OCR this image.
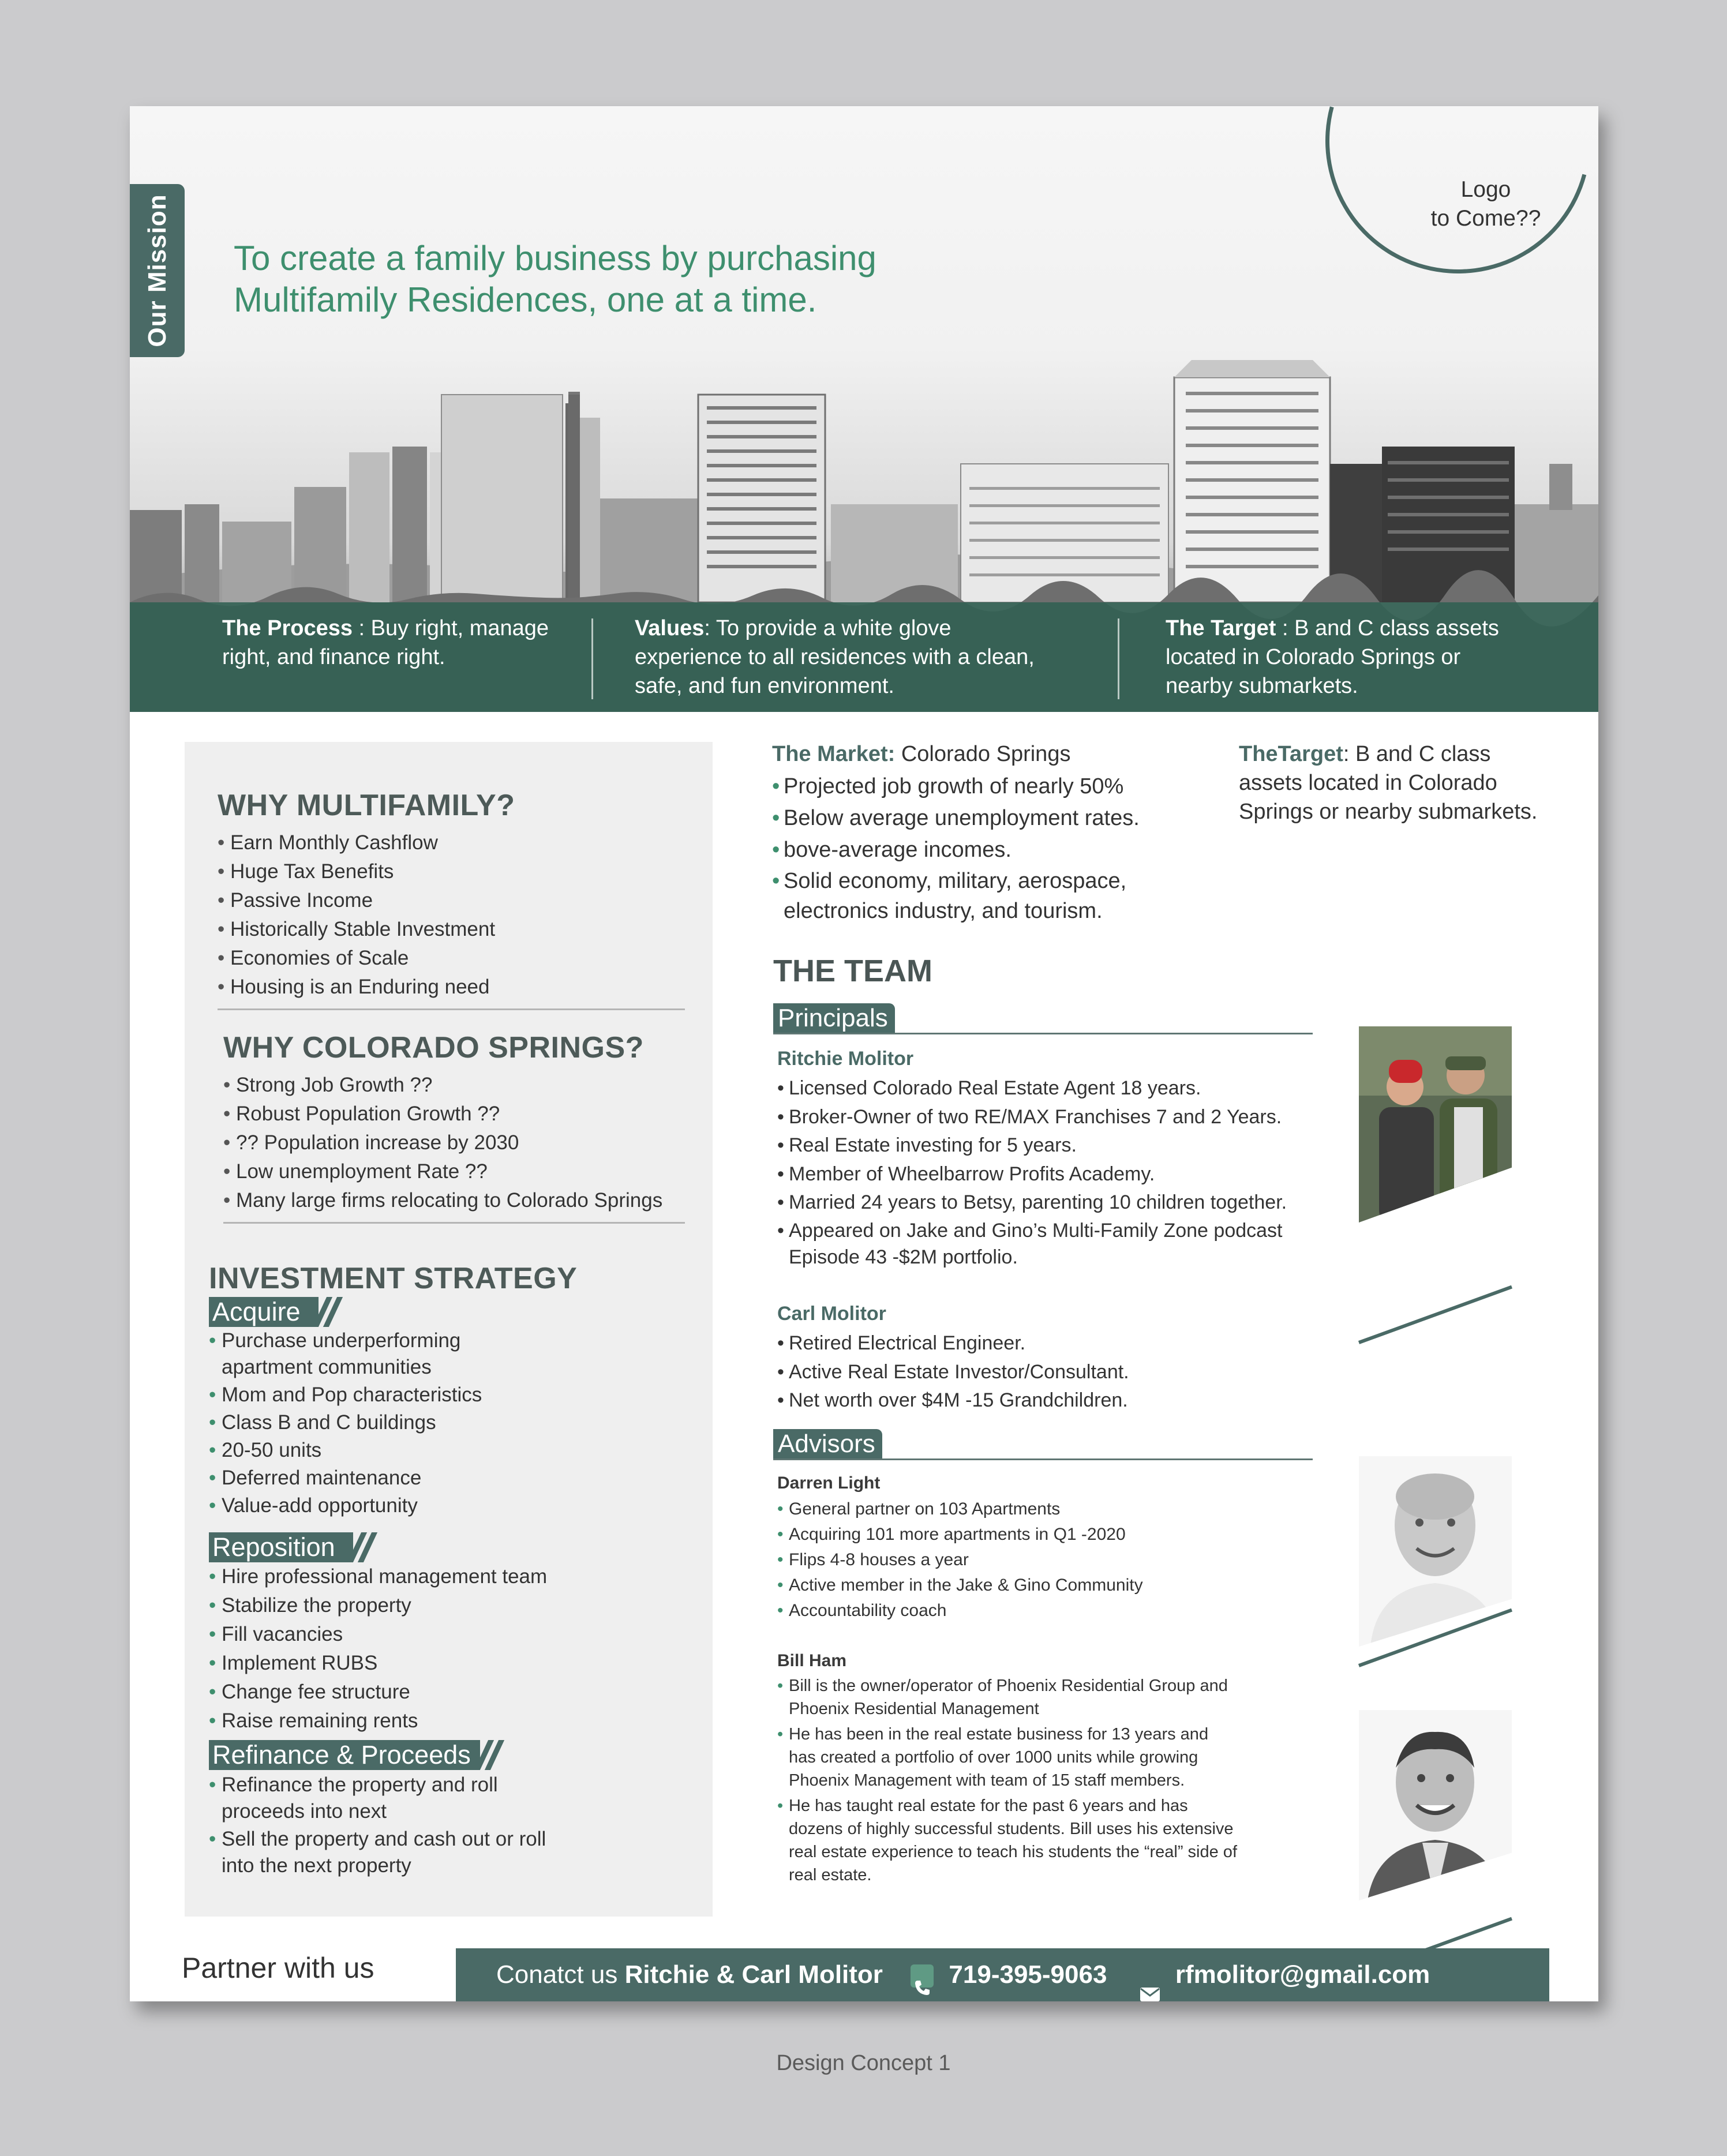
Our Mission To create a family business by purchasing
Multifamily Residences, one at a time.
Logo
to Come??
The Process : Buy right, manage
right, and finance right.
Values: To provide a white glove
experience to all residences with a clean,
safe, and fun environment.
The Target : B and C class assets
located in Colorado Springs or
nearby submarkets.
WHY MULTIFAMILY?
• Earn Monthly Cashflow
• Huge Tax Benefits
• Passive Income
• Historically Stable Investment
• Economies of Scale
• Housing is an Enduring need
WHY COLORADO SPRINGS?
• Strong Job Growth ??
• Robust Population Growth ??
• ?? Population increase by 2030
• Low unemployment Rate ??
• Many large firms relocating to Colorado Springs
INVESTMENT STRATEGY
Acquire
• Purchase underperforming apartment communities
• Mom and Pop characteristics
• Class B and C buildings
• 20-50 units
• Deferred maintenance
• Value-add opportunity
Reposition
• Hire professional management team
• Stabilize the property
• Fill vacancies
• Implement RUBS
• Change fee structure
• Raise remaining rents
Refinance & Proceeds
• Refinance the property and roll proceeds into next
• Sell the property and cash out or roll into the next property
The Market: Colorado Springs
• Projected job growth of nearly 50%
• Below average unemployment rates.
• bove-average incomes.
• Solid economy, military, aerospace, electronics industry, and tourism.
TheTarget: B and C class
assets located in Colorado
Springs or nearby submarkets.
THE TEAM
Principals
Ritchie Molitor
• Licensed Colorado Real Estate Agent 18 years.
• Broker-Owner of two RE/MAX Franchises 7 and 2 Years.
• Real Estate investing for 5 years.
• Member of Wheelbarrow Profits Academy.
• Married 24 years to Betsy, parenting 10 children together.
• Appeared on Jake and Gino’s Multi-Family Zone podcast Episode 43 -$2M portfolio.
Carl Molitor
• Retired Electrical Engineer.
• Active Real Estate Investor/Consultant.
• Net worth over $4M -15 Grandchildren.
Advisors
Darren Light
• General partner on 103 Apartments
• Acquiring 101 more apartments in Q1 -2020
• Flips 4-8 houses a year
• Active member in the Jake & Gino Community
• Accountability coach
Bill Ham
• Bill is the owner/operator of Phoenix Residential Group and Phoenix Residential Management
• He has been in the real estate business for 13 years and has created a portfolio of over 1000 units while growing Phoenix Management with team of 15 staff members.
• He has taught real estate for the past 6 years and has dozens of highly successful students. Bill uses his extensive real estate experience to teach his students the “real” side of real estate.
Partner with us	Conatct us Ritchie & Carl Molitor	719-395-9063	rfmolitor@gmail.com
Design Concept 1
